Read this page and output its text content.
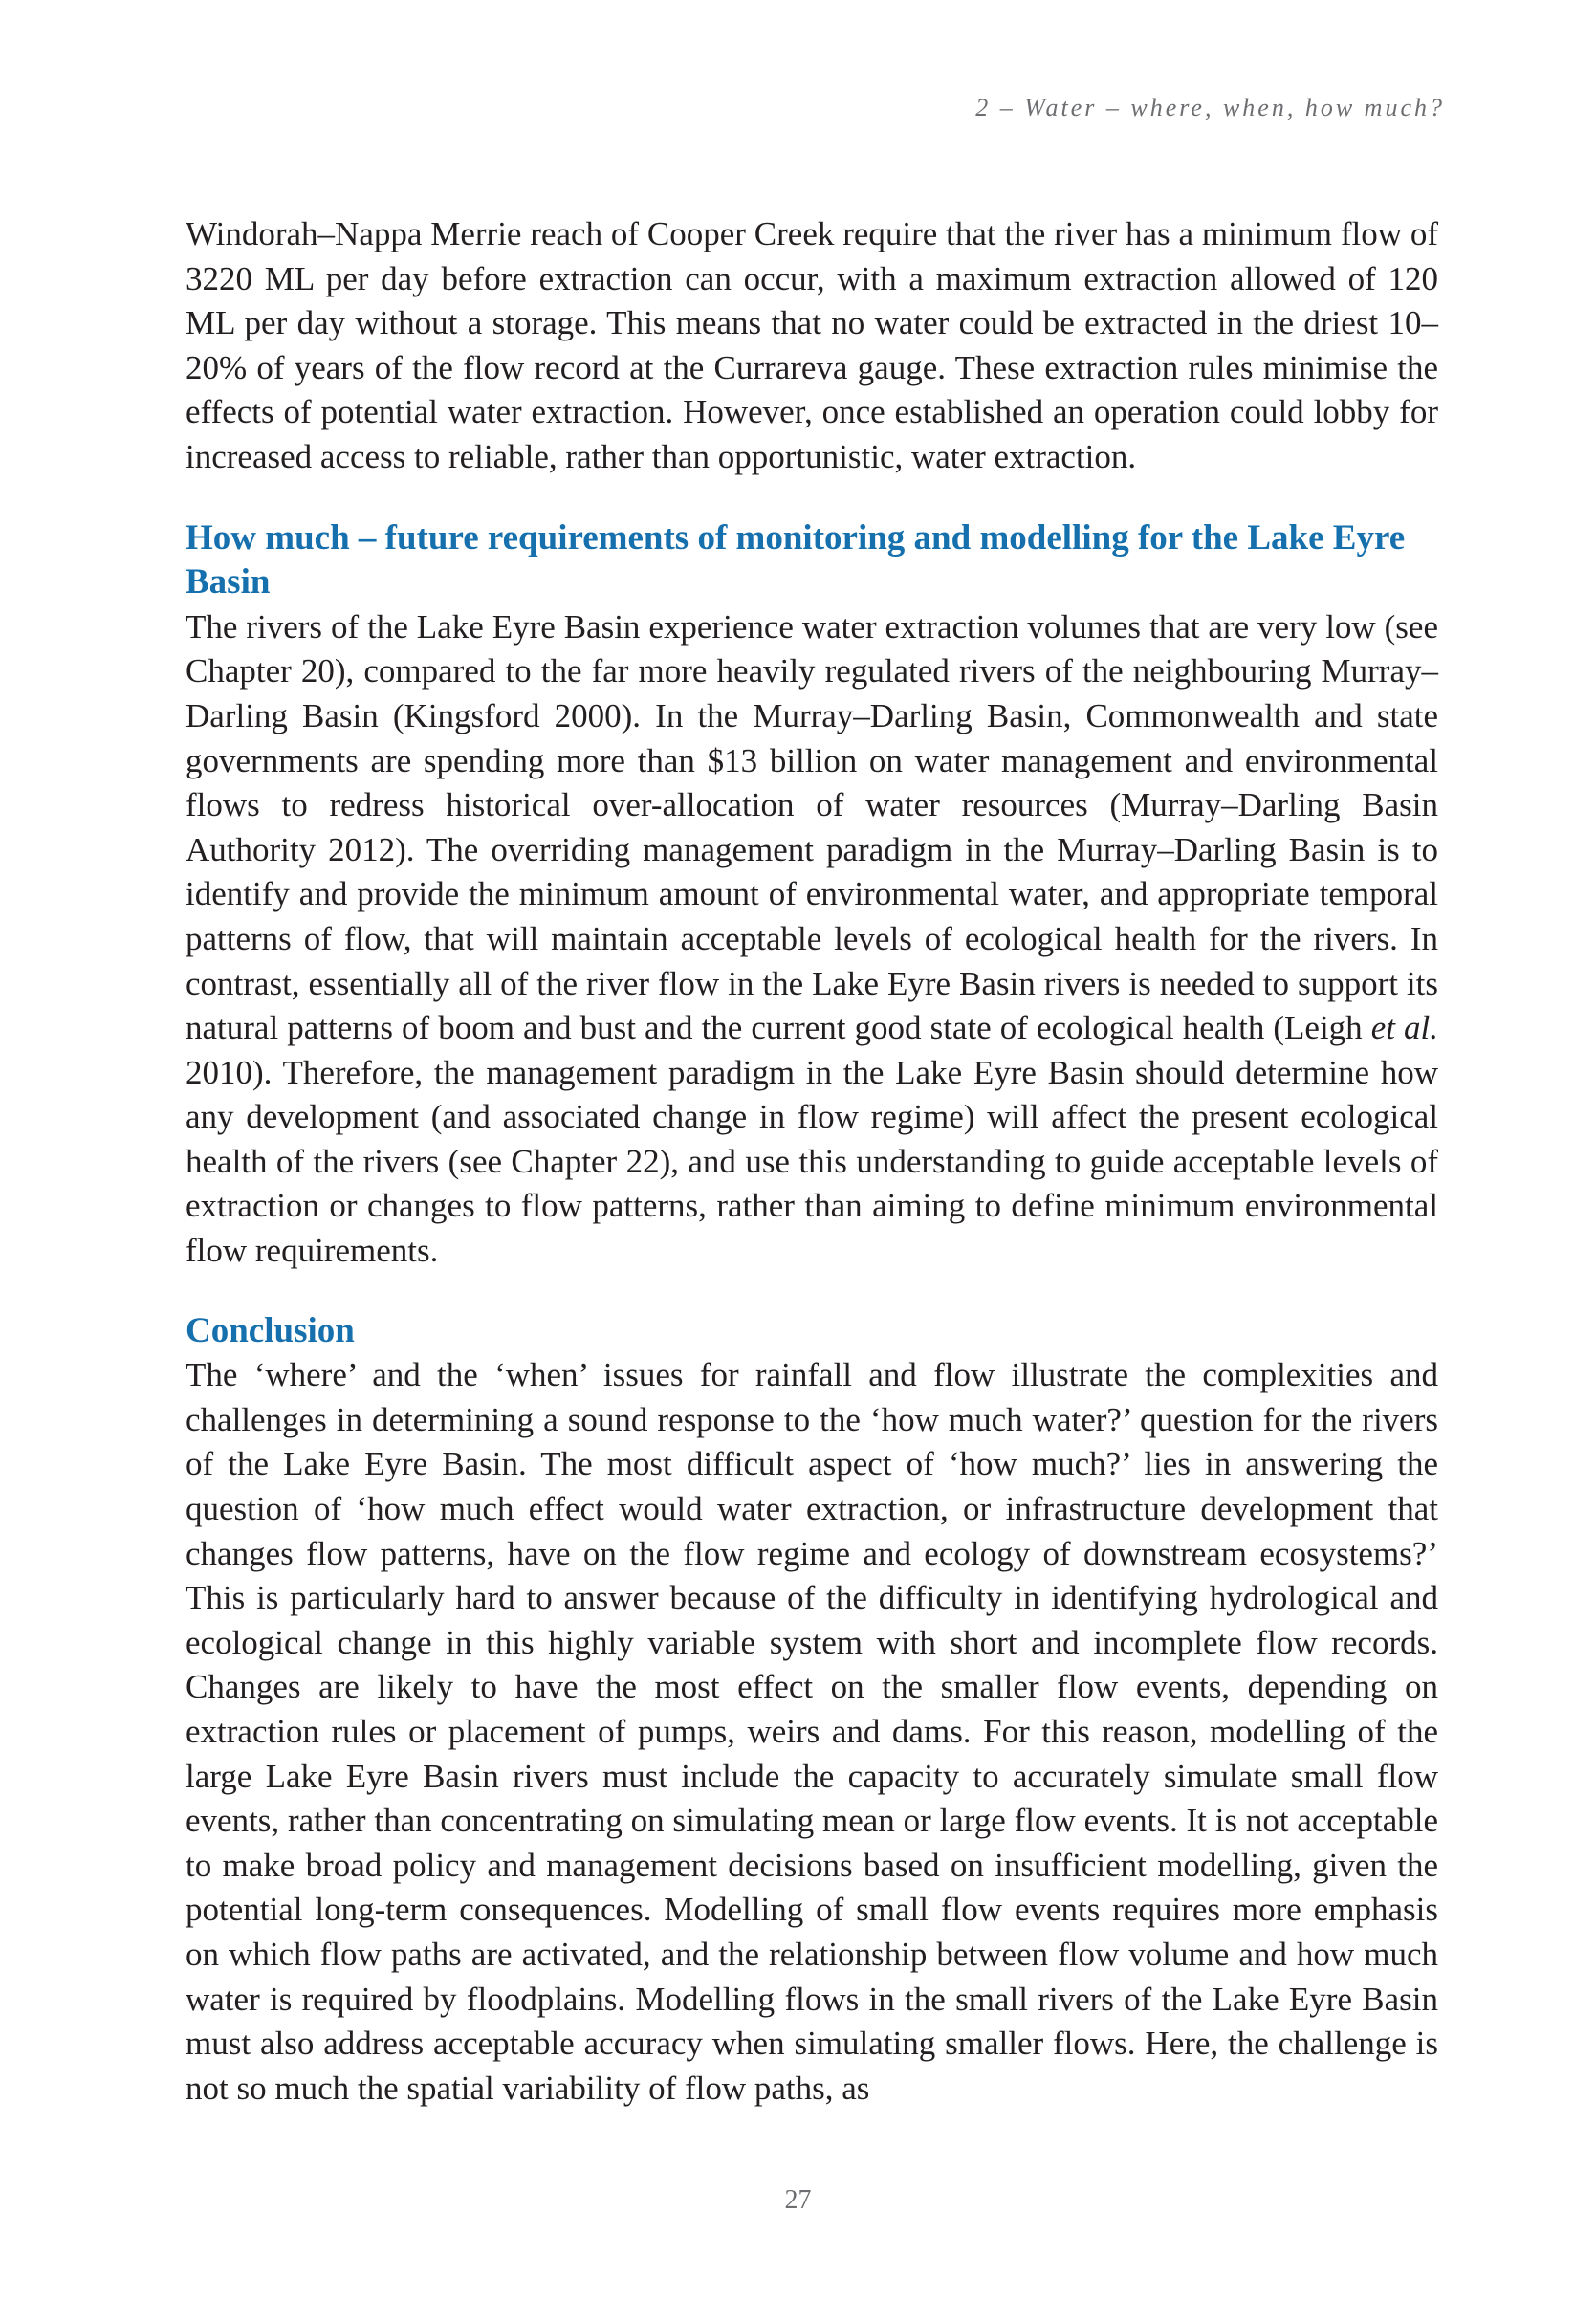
2 – Water – where, when, how much?

Windorah–Nappa Merrie reach of Cooper Creek require that the river has a minimum flow of 3220 ML per day before extraction can occur, with a maximum extraction allowed of 120 ML per day without a storage. This means that no water could be extracted in the driest 10–20% of years of the flow record at the Currareva gauge. These extraction rules minimise the effects of potential water extraction. However, once established an operation could lobby for increased access to reliable, rather than opportunistic, water extraction.

How much – future requirements of monitoring and modelling for the Lake Eyre Basin

The rivers of the Lake Eyre Basin experience water extraction volumes that are very low (see Chapter 20), compared to the far more heavily regulated rivers of the neighbouring Murray–Darling Basin (Kingsford 2000). In the Murray–Darling Basin, Commonwealth and state governments are spending more than $13 billion on water management and environmental flows to redress historical over-allocation of water resources (Murray–Darling Basin Authority 2012). The overriding management paradigm in the Murray–Darling Basin is to identify and provide the minimum amount of environmental water, and appropriate temporal patterns of flow, that will maintain acceptable levels of ecological health for the rivers. In contrast, essentially all of the river flow in the Lake Eyre Basin rivers is needed to support its natural patterns of boom and bust and the current good state of ecological health (Leigh et al. 2010). Therefore, the management paradigm in the Lake Eyre Basin should determine how any development (and associated change in flow regime) will affect the present ecological health of the rivers (see Chapter 22), and use this understanding to guide acceptable levels of extraction or changes to flow patterns, rather than aiming to define minimum environmental flow requirements.

Conclusion

The ‘where’ and the ‘when’ issues for rainfall and flow illustrate the complexities and challenges in determining a sound response to the ‘how much water?’ question for the rivers of the Lake Eyre Basin. The most difficult aspect of ‘how much?’ lies in answering the question of ‘how much effect would water extraction, or infrastructure development that changes flow patterns, have on the flow regime and ecology of downstream ecosystems?’ This is particularly hard to answer because of the difficulty in identifying hydrological and ecological change in this highly variable system with short and incomplete flow records. Changes are likely to have the most effect on the smaller flow events, depending on extraction rules or placement of pumps, weirs and dams. For this reason, modelling of the large Lake Eyre Basin rivers must include the capacity to accurately simulate small flow events, rather than concentrating on simulating mean or large flow events. It is not acceptable to make broad policy and management decisions based on insufficient modelling, given the potential long-term consequences. Modelling of small flow events requires more emphasis on which flow paths are activated, and the relationship between flow volume and how much water is required by floodplains. Modelling flows in the small rivers of the Lake Eyre Basin must also address acceptable accuracy when simulating smaller flows. Here, the challenge is not so much the spatial variability of flow paths, as

27
